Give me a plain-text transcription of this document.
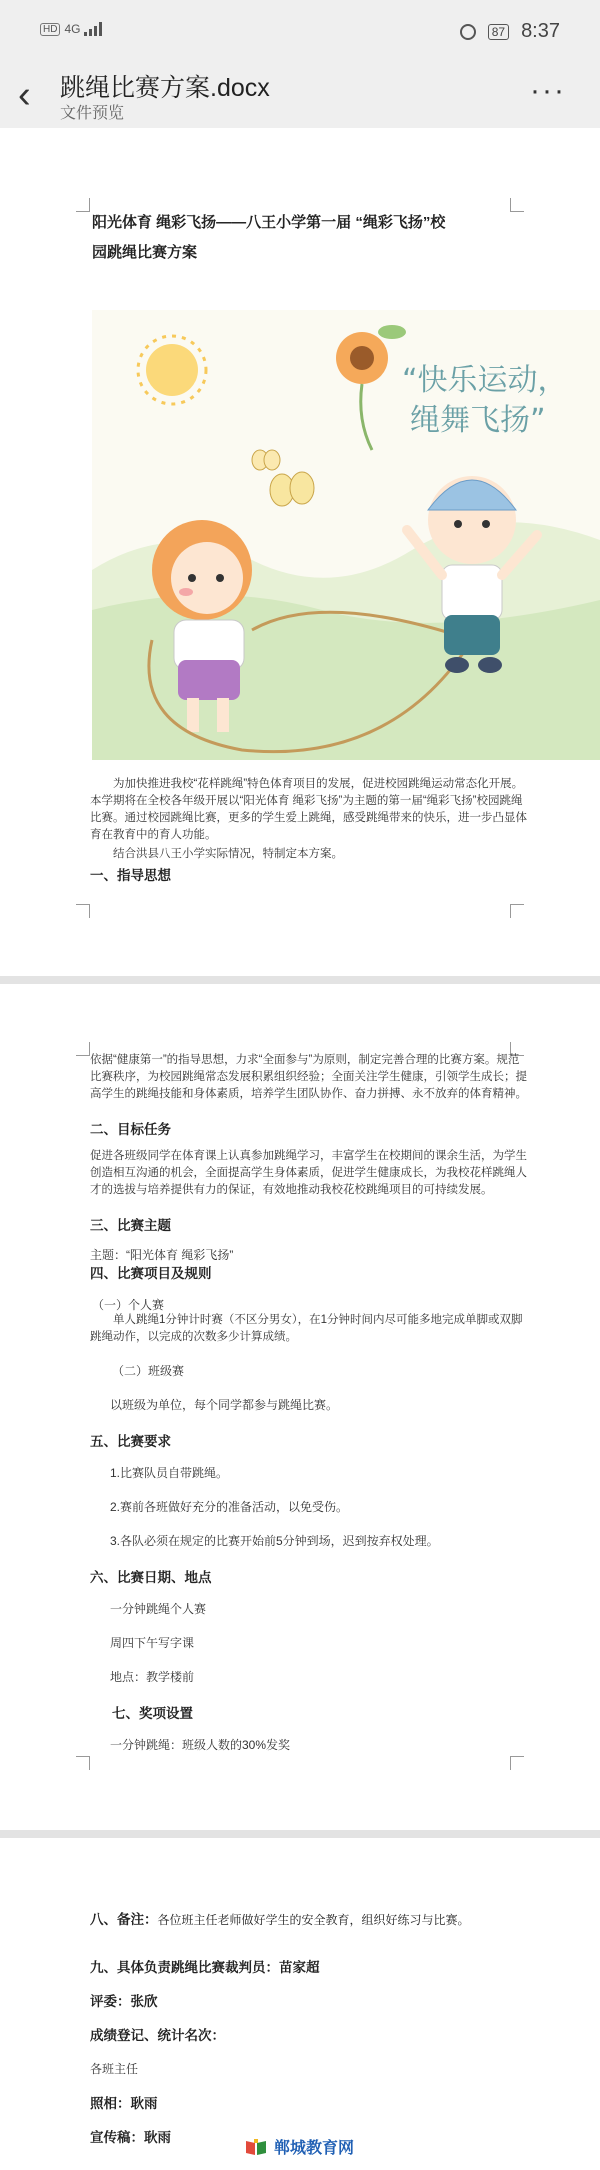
HD 4G	87 8:37
‹ 跳绳比赛方案.docx
文件预览
···
阳光体育 绳彩飞扬——八王小学第一届 “绳彩飞扬”校
园跳绳比赛方案
“快乐运动，
绳舞飞扬”
为加快推进我校“花样跳绳”特色体育项目的发展，促进校园跳绳运动常态化开展。本学期将在全校各年级开展以“阳光体育 绳彩飞扬”为主题的第一届“绳彩飞扬”校园跳绳比赛。通过校园跳绳比赛，更多的学生爱上跳绳，感受跳绳带来的快乐，进一步凸显体育在教育中的育人功能。
结合洪县八王小学实际情况，特制定本方案。
一、指导思想
依据“健康第一”的指导思想，力求“全面参与”为原则，制定完善合理的比赛方案。规范比赛秩序，为校园跳绳常态发展积累组织经验；全面关注学生健康，引领学生成长；提高学生的跳绳技能和身体素质，培养学生团队协作、奋力拼搏、永不放弃的体育精神。
二、目标任务
促进各班级同学在体育课上认真参加跳绳学习，丰富学生在校期间的课余生活，为学生创造相互沟通的机会，全面提高学生身体素质，促进学生健康成长，为我校花样跳绳人才的选拔与培养提供有力的保证，有效地推动我校花校跳绳项目的可持续发展。
三、比赛主题
主题：“阳光体育 绳彩飞扬”
四、比赛项目及规则
（一）个人赛
单人跳绳1分钟计时赛（不区分男女），在1分钟时间内尽可能多地完成单脚或双脚跳绳动作，以完成的次数多少计算成绩。
（二）班级赛
以班级为单位，每个同学都参与跳绳比赛。
五、比赛要求
1.比赛队员自带跳绳。
2.赛前各班做好充分的准备活动，以免受伤。
3.各队必须在规定的比赛开始前5分钟到场，迟到按弃权处理。
六、比赛日期、地点
一分钟跳绳个人赛
周四下午写字课
地点：教学楼前
七、奖项设置
一分钟跳绳：班级人数的30%发奖
八、备注：各位班主任老师做好学生的安全教育，组织好练习与比赛。
九、具体负责跳绳比赛裁判员：苗家超
评委：张欣
成绩登记、统计名次：
各班主任
照相：耿雨
宣传稿：耿雨
郸城教育网
